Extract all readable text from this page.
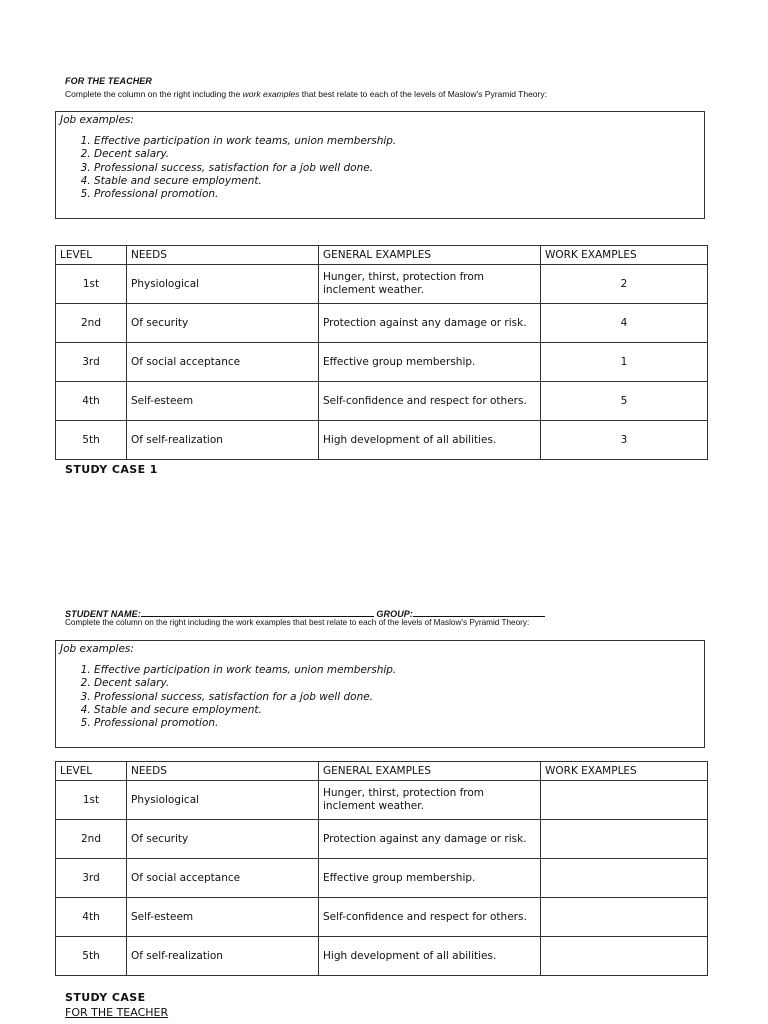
FOR THE TEACHER
Complete the column on the right including the work examples that best relate to each of the levels of Maslow's Pyramid Theory:
Job examples:
1. Effective participation in work teams, union membership.
2. Decent salary.
3. Professional success, satisfaction for a job well done.
4. Stable and secure employment.
5. Professional promotion.
LEVEL	NEEDS	GENERAL EXAMPLES	WORK EXAMPLES
1st	Physiological	Hunger, thirst, protection from inclement weather.	2
2nd	Of security	Protection against any damage or risk.	4
3rd	Of social acceptance	Effective group membership.	1
4th	Self-esteem	Self-confidence and respect for others.	5
5th	Of self-realization	High development of all abilities.	3
STUDY CASE 1
STUDENT NAME:	GROUP:
Complete the column on the right including the work examples that best relate to each of the levels of Maslow's Pyramid Theory:
Job examples:
1. Effective participation in work teams, union membership.
2. Decent salary.
3. Professional success, satisfaction for a job well done.
4. Stable and secure employment.
5. Professional promotion.
LEVEL	NEEDS	GENERAL EXAMPLES	WORK EXAMPLES
1st	Physiological	Hunger, thirst, protection from inclement weather.	
2nd	Of security	Protection against any damage or risk.	
3rd	Of social acceptance	Effective group membership.	
4th	Self-esteem	Self-confidence and respect for others.	
5th	Of self-realization	High development of all abilities.	
STUDY CASE
FOR THE TEACHER
